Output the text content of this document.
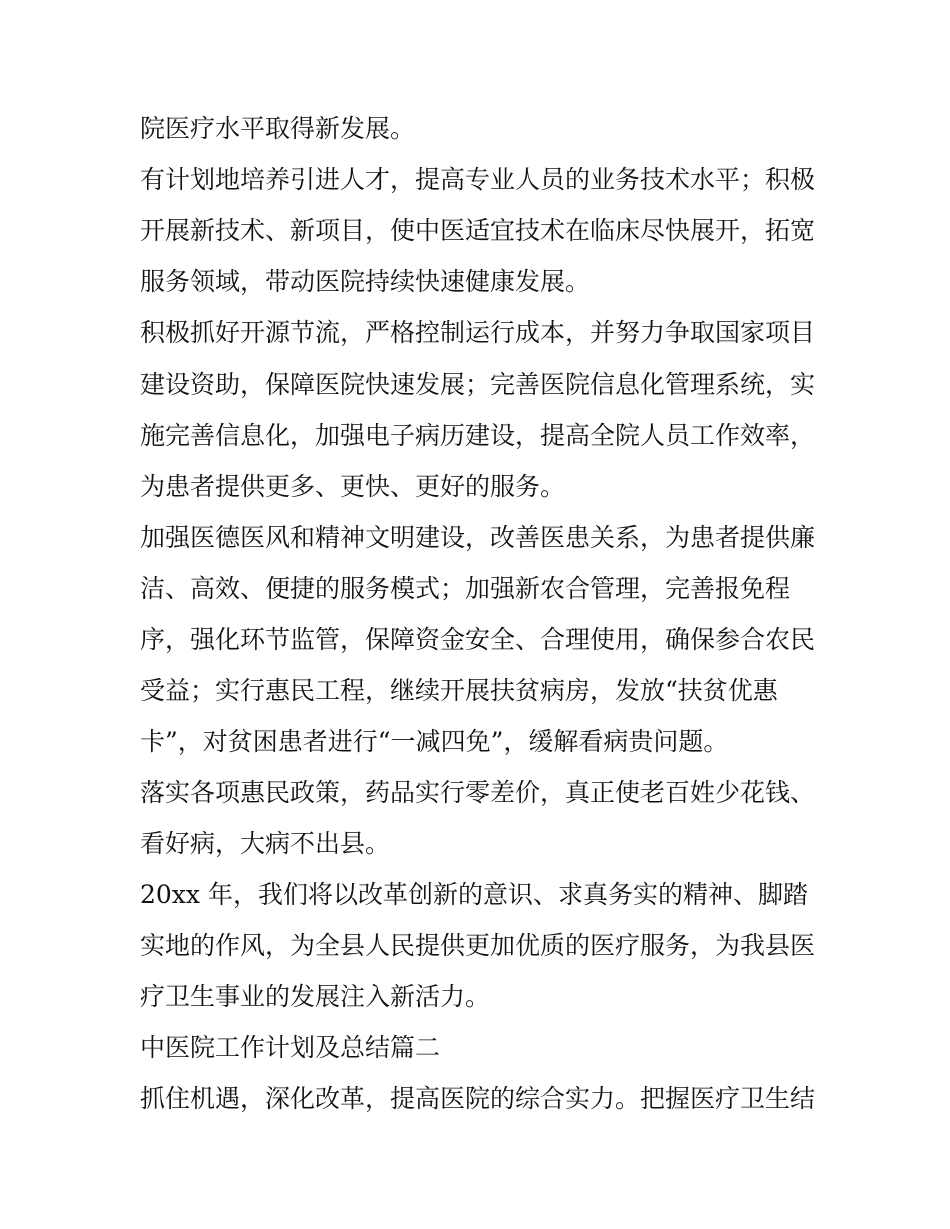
院医疗水平取得新发展。
有计划地培养引进人才，提高专业人员的业务技术水平；积极
开展新技术、新项目，使中医适宜技术在临床尽快展开，拓宽
服务领域，带动医院持续快速健康发展。
积极抓好开源节流，严格控制运行成本，并努力争取国家项目
建设资助，保障医院快速发展；完善医院信息化管理系统，实
施完善信息化，加强电子病历建设，提高全院人员工作效率，
为患者提供更多、更快、更好的服务。
加强医德医风和精神文明建设，改善医患关系，为患者提供廉
洁、高效、便捷的服务模式；加强新农合管理，完善报免程
序，强化环节监管，保障资金安全、合理使用，确保参合农民
受益；实行惠民工程，继续开展扶贫病房，发放“扶贫优惠
卡”，对贫困患者进行“一减四免”，缓解看病贵问题。
落实各项惠民政策，药品实行零差价，真正使老百姓少花钱、
看好病，大病不出县。
20xx 年，我们将以改革创新的意识、求真务实的精神、脚踏
实地的作风，为全县人民提供更加优质的医疗服务，为我县医
疗卫生事业的发展注入新活力。
中医院工作计划及总结篇二
抓住机遇，深化改革，提高医院的综合实力。把握医疗卫生结
